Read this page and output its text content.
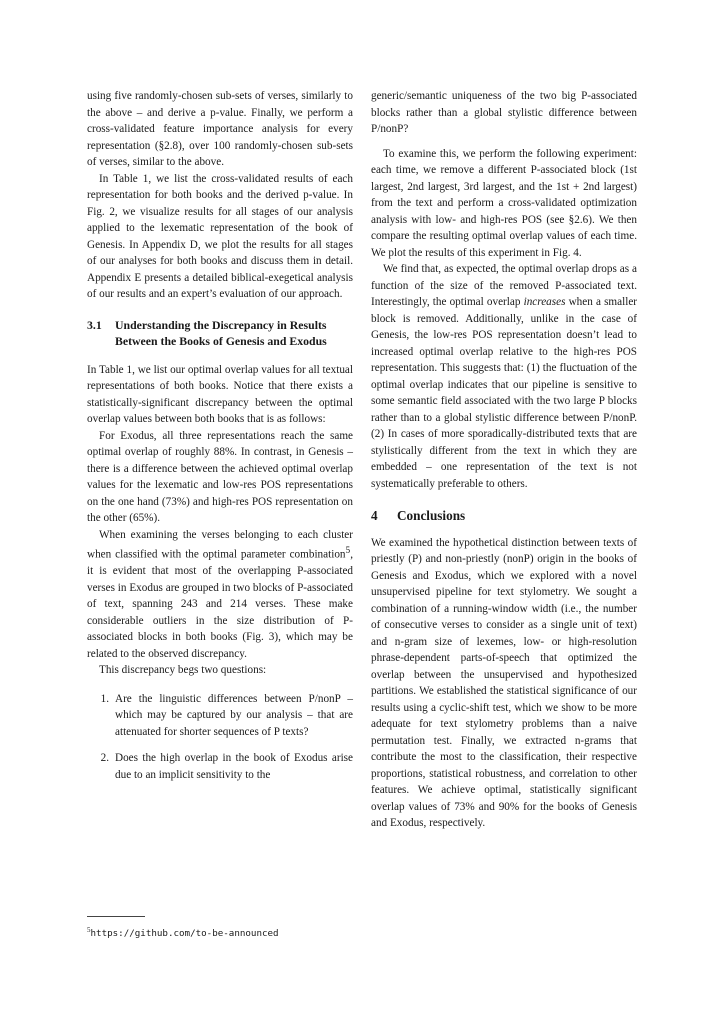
using five randomly-chosen sub-sets of verses, similarly to the above – and derive a p-value. Finally, we perform a cross-validated feature importance analysis for every representation (§2.8), over 100 randomly-chosen sub-sets of verses, similar to the above.

In Table 1, we list the cross-validated results of each representation for both books and the derived p-value. In Fig. 2, we visualize results for all stages of our analysis applied to the lexematic representation of the book of Genesis. In Appendix D, we plot the results for all stages of our analyses for both books and discuss them in detail. Appendix E presents a detailed biblical-exegetical analysis of our results and an expert’s evaluation of our approach.

3.1	Understanding the Discrepancy in Results Between the Books of Genesis and Exodus

In Table 1, we list our optimal overlap values for all textual representations of both books. Notice that there exists a statistically-significant discrepancy between the optimal overlap values between both books that is as follows:

For Exodus, all three representations reach the same optimal overlap of roughly 88%. In contrast, in Genesis – there is a difference between the achieved optimal overlap values for the lexematic and low-res POS representations on the one hand (73%) and high-res POS representation on the other (65%).

When examining the verses belonging to each cluster when classified with the optimal parameter combination$^5$, it is evident that most of the overlapping P-associated verses in Exodus are grouped in two blocks of P-associated of text, spanning 243 and 214 verses. These make considerable outliers in the size distribution of P-associated blocks in both books (Fig. 3), which may be related to the observed discrepancy.

This discrepancy begs two questions:

1. Are the linguistic differences between P/nonP – which may be captured by our analysis – that are attenuated for shorter sequences of P texts?
2. Does the high overlap in the book of Exodus arise due to an implicit sensitivity to the
$^5$https://github.com/to-be-announced

generic/semantic uniqueness of the two big P-associated blocks rather than a global stylistic difference between P/nonP?

To examine this, we perform the following experiment: each time, we remove a different P-associated block (1st largest, 2nd largest, 3rd largest, and the 1st + 2nd largest) from the text and perform a cross-validated optimization analysis with low- and high-res POS (see §2.6). We then compare the resulting optimal overlap values of each time. We plot the results of this experiment in Fig. 4.

We find that, as expected, the optimal overlap drops as a function of the size of the removed P-associated text. Interestingly, the optimal overlap increases when a smaller block is removed. Additionally, unlike in the case of Genesis, the low-res POS representation doesn’t lead to increased optimal overlap relative to the high-res POS representation. This suggests that: (1) the fluctuation of the optimal overlap indicates that our pipeline is sensitive to some semantic field associated with the two large P blocks rather than to a global stylistic difference between P/nonP. (2) In cases of more sporadically-distributed texts that are stylistically different from the text in which they are embedded – one representation of the text is not systematically preferable to others.

4	Conclusions

We examined the hypothetical distinction between texts of priestly (P) and non-priestly (nonP) origin in the books of Genesis and Exodus, which we explored with a novel unsupervised pipeline for text stylometry. We sought a combination of a running-window width (i.e., the number of consecutive verses to consider as a single unit of text) and n-gram size of lexemes, low- or high-resolution phrase-dependent parts-of-speech that optimized the overlap between the unsupervised and hypothesized partitions. We established the statistical significance of our results using a cyclic-shift test, which we show to be more adequate for text stylometry problems than a naive permutation test. Finally, we extracted n-grams that contribute the most to the classification, their respective proportions, statistical robustness, and correlation to other features. We achieve optimal, statistically significant overlap values of 73% and 90% for the books of Genesis and Exodus, respectively.
